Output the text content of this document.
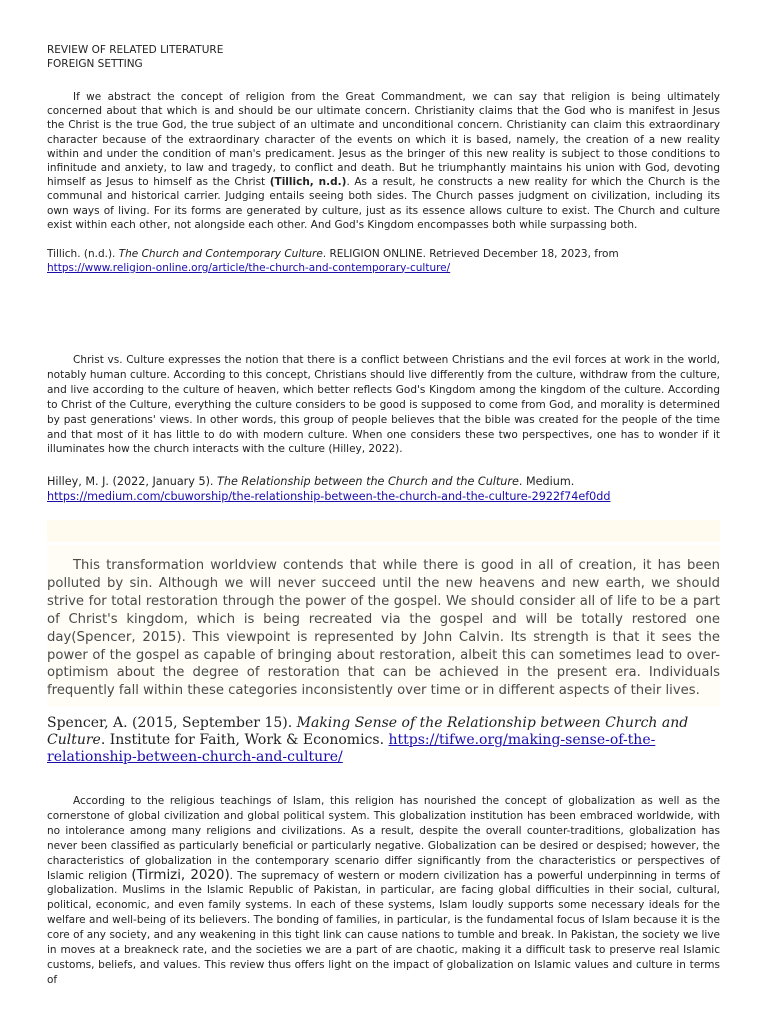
REVIEW OF RELATED LITERATURE
FOREIGN SETTING

If we abstract the concept of religion from the Great Commandment, we can say that religion is being ultimately concerned about that which is and should be our ultimate concern. Christianity claims that the God who is manifest in Jesus the Christ is the true God, the true subject of an ultimate and unconditional concern. Christianity can claim this extraordinary character because of the extraordinary character of the events on which it is based, namely, the creation of a new reality within and under the condition of man's predicament. Jesus as the bringer of this new reality is subject to those conditions to infinitude and anxiety, to law and tragedy, to conflict and death. But he triumphantly maintains his union with God, devoting himself as Jesus to himself as the Christ (Tillich, n.d.). As a result, he constructs a new reality for which the Church is the communal and historical carrier. Judging entails seeing both sides. The Church passes judgment on civilization, including its own ways of living. For its forms are generated by culture, just as its essence allows culture to exist. The Church and culture exist within each other, not alongside each other. And God's Kingdom encompasses both while surpassing both.

Tillich. (n.d.). The Church and Contemporary Culture. RELIGION ONLINE. Retrieved December 18, 2023, from
https://www.religion-online.org/article/the-church-and-contemporary-culture/

Christ vs. Culture expresses the notion that there is a conflict between Christians and the evil forces at work in the world, notably human culture. According to this concept, Christians should live differently from the culture, withdraw from the culture, and live according to the culture of heaven, which better reflects God's Kingdom among the kingdom of the culture. According to Christ of the Culture, everything the culture considers to be good is supposed to come from God, and morality is determined by past generations' views. In other words, this group of people believes that the bible was created for the people of the time and that most of it has little to do with modern culture. When one considers these two perspectives, one has to wonder if it illuminates how the church interacts with the culture (Hilley, 2022).

Hilley, M. J. (2022, January 5). The Relationship between the Church and the Culture. Medium.
https://medium.com/cbuworship/the-relationship-between-the-church-and-the-culture-2922f74ef0dd

This transformation worldview contends that while there is good in all of creation, it has been polluted by sin. Although we will never succeed until the new heavens and new earth, we should strive for total restoration through the power of the gospel. We should consider all of life to be a part of Christ's kingdom, which is being recreated via the gospel and will be totally restored one day(Spencer, 2015). This viewpoint is represented by John Calvin. Its strength is that it sees the power of the gospel as capable of bringing about restoration, albeit this can sometimes lead to over-optimism about the degree of restoration that can be achieved in the present era. Individuals frequently fall within these categories inconsistently over time or in different aspects of their lives.

Spencer, A. (2015, September 15). Making Sense of the Relationship between Church and Culture. Institute for Faith, Work & Economics. https://tifwe.org/making-sense-of-the-relationship-between-church-and-culture/

According to the religious teachings of Islam, this religion has nourished the concept of globalization as well as the cornerstone of global civilization and global political system. This globalization institution has been embraced worldwide, with no intolerance among many religions and civilizations. As a result, despite the overall counter-traditions, globalization has never been classified as particularly beneficial or particularly negative. Globalization can be desired or despised; however, the characteristics of globalization in the contemporary scenario differ significantly from the characteristics or perspectives of Islamic religion (Tirmizi, 2020). The supremacy of western or modern civilization has a powerful underpinning in terms of globalization. Muslims in the Islamic Republic of Pakistan, in particular, are facing global difficulties in their social, cultural, political, economic, and even family systems. In each of these systems, Islam loudly supports some necessary ideals for the welfare and well-being of its believers. The bonding of families, in particular, is the fundamental focus of Islam because it is the core of any society, and any weakening in this tight link can cause nations to tumble and break. In Pakistan, the society we live in moves at a breakneck rate, and the societies we are a part of are chaotic, making it a difficult task to preserve real Islamic customs, beliefs, and values. This review thus offers light on the impact of globalization on Islamic values and culture in terms of
